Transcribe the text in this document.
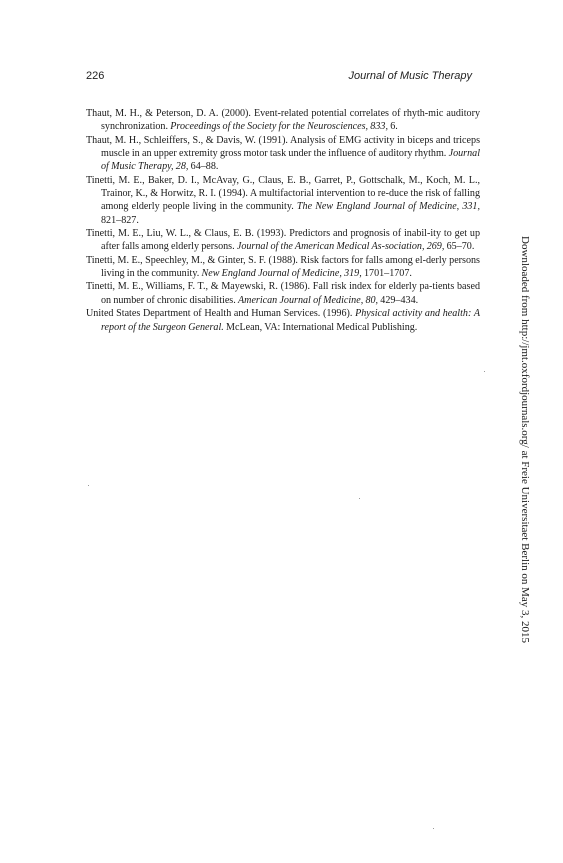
226	Journal of Music Therapy

Thaut, M. H., & Peterson, D. A. (2000). Event-related potential correlates of rhyth-mic auditory synchronization. Proceedings of the Society for the Neurosciences, 833, 6.

Thaut, M. H., Schleiffers, S., & Davis, W. (1991). Analysis of EMG activity in biceps and triceps muscle in an upper extremity gross motor task under the influence of auditory rhythm. Journal of Music Therapy, 28, 64–88.

Tinetti, M. E., Baker, D. I., McAvay, G., Claus, E. B., Garret, P., Gottschalk, M., Koch, M. L., Trainor, K., & Horwitz, R. I. (1994). A multifactorial intervention to re-duce the risk of falling among elderly people living in the community. The New England Journal of Medicine, 331, 821–827.

Tinetti, M. E., Liu, W. L., & Claus, E. B. (1993). Predictors and prognosis of inabil-ity to get up after falls among elderly persons. Journal of the American Medical As-sociation, 269, 65–70.

Tinetti, M. E., Speechley, M., & Ginter, S. F. (1988). Risk factors for falls among el-derly persons living in the community. New England Journal of Medicine, 319, 1701–1707.

Tinetti, M. E., Williams, F. T., & Mayewski, R. (1986). Fall risk index for elderly pa-tients based on number of chronic disabilities. American Journal of Medicine, 80, 429–434.

United States Department of Health and Human Services. (1996). Physical activity and health: A report of the Surgeon General. McLean, VA: International Medical Publishing.	Downloaded from http://jmt.oxfordjournals.org/ at Freie Universitaet Berlin on May 3, 2015
